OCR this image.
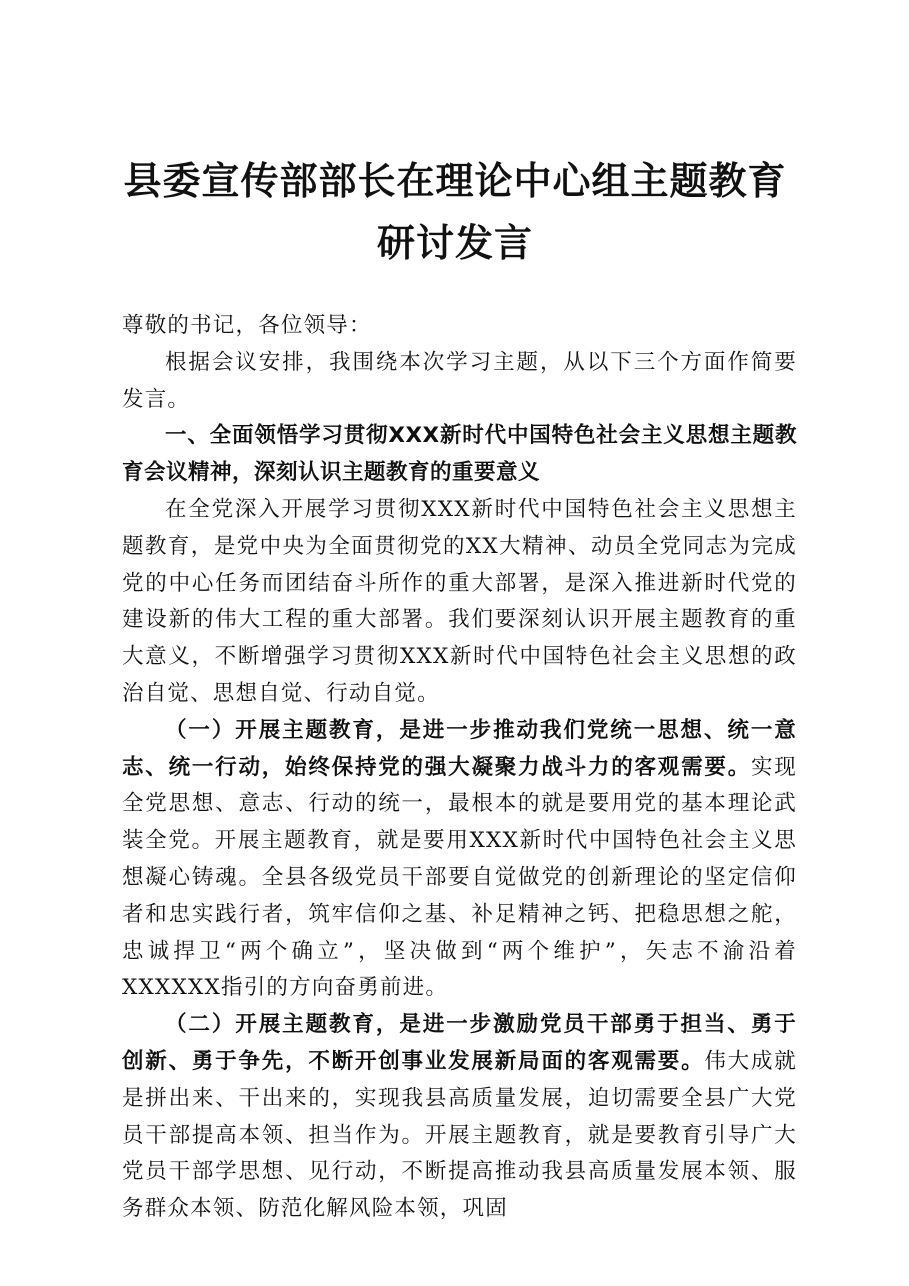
县委宣传部部长在理论中心组主题教育研讨发言

尊敬的书记，各位领导：

根据会议安排，我围绕本次学习主题，从以下三个方面作简要发言。

一、全面领悟学习贯彻XXX新时代中国特色社会主义思想主题教育会议精神，深刻认识主题教育的重要意义

在全党深入开展学习贯彻XXX新时代中国特色社会主义思想主题教育，是党中央为全面贯彻党的XX大精神、动员全党同志为完成党的中心任务而团结奋斗所作的重大部署，是深入推进新时代党的建设新的伟大工程的重大部署。我们要深刻认识开展主题教育的重大意义，不断增强学习贯彻XXX新时代中国特色社会主义思想的政治自觉、思想自觉、行动自觉。

（一）开展主题教育，是进一步推动我们党统一思想、统一意志、统一行动，始终保持党的强大凝聚力战斗力的客观需要。实现全党思想、意志、行动的统一，最根本的就是要用党的基本理论武装全党。开展主题教育，就是要用XXX新时代中国特色社会主义思想凝心铸魂。全县各级党员干部要自觉做党的创新理论的坚定信仰者和忠实践行者，筑牢信仰之基、补足精神之钙、把稳思想之舵，忠诚捍卫“两个确立”，坚决做到“两个维护”，矢志不渝沿着XXXXXX指引的方向奋勇前进。

（二）开展主题教育，是进一步激励党员干部勇于担当、勇于创新、勇于争先，不断开创事业发展新局面的客观需要。伟大成就是拼出来、干出来的，实现我县高质量发展，迫切需要全县广大党员干部提高本领、担当作为。开展主题教育，就是要教育引导广大党员干部学思想、见行动，不断提高推动我县高质量发展本领、服务群众本领、防范化解风险本领，巩固
